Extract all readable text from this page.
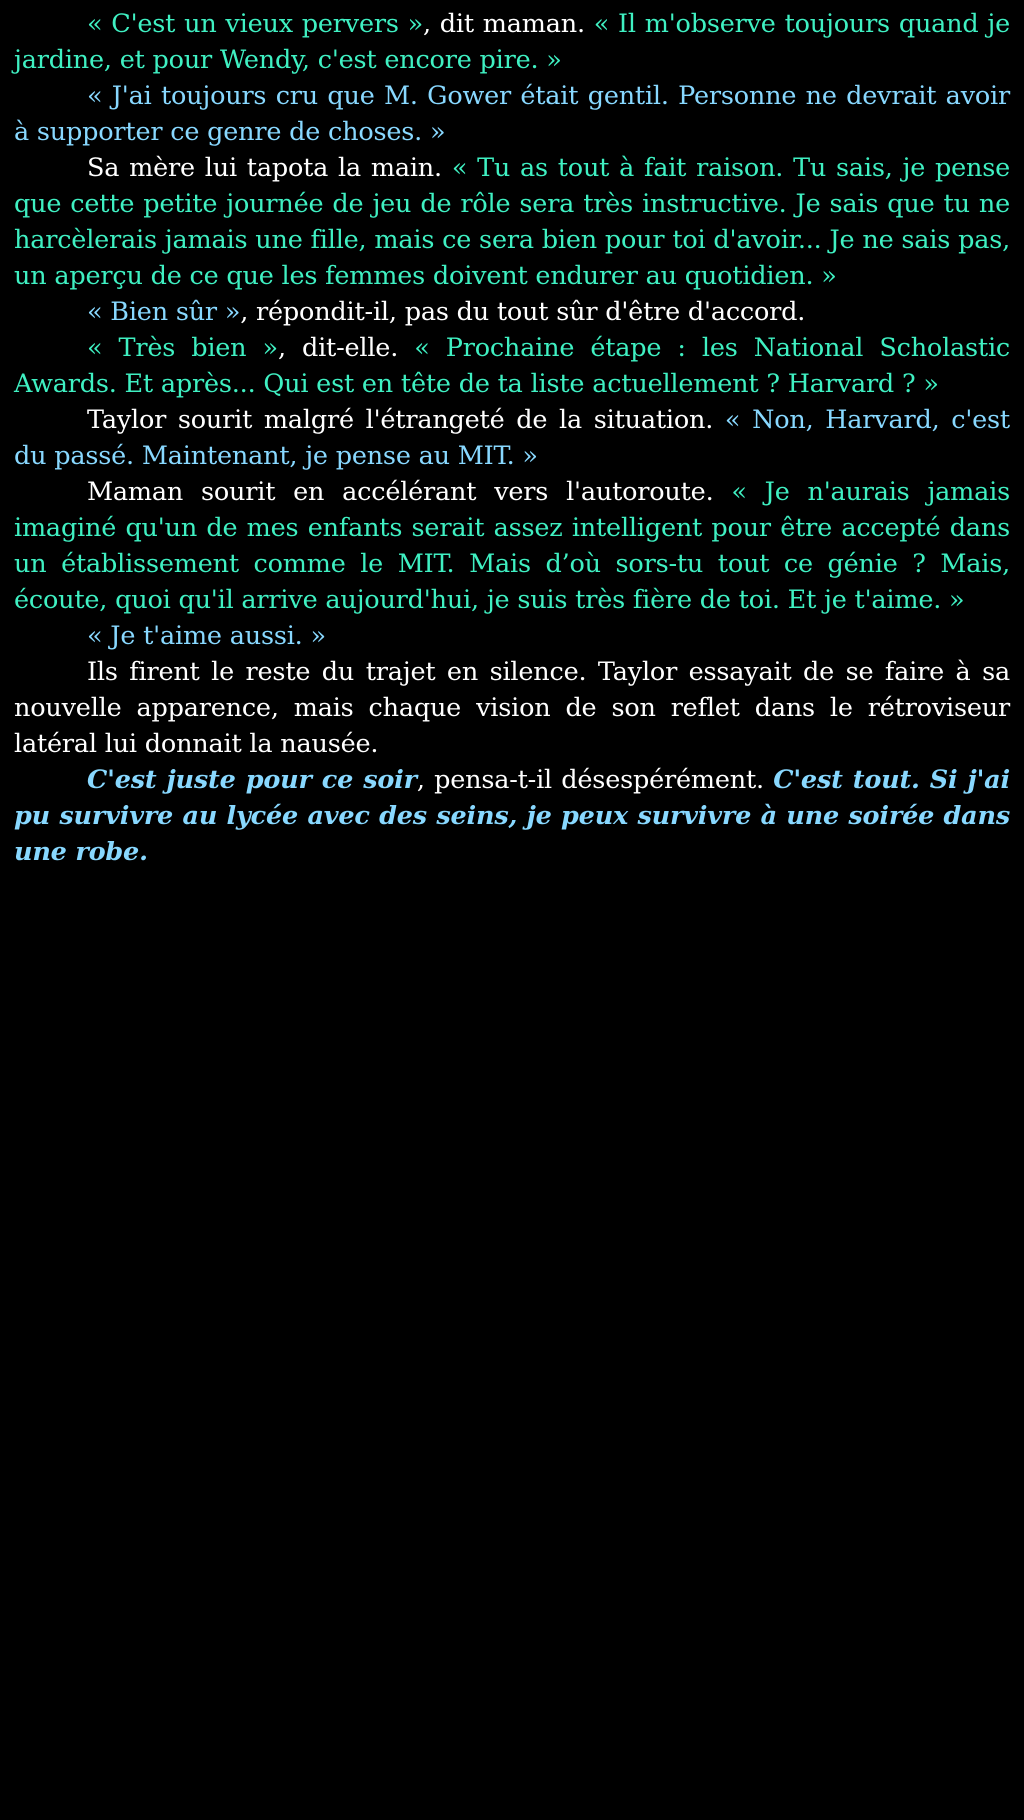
« C'est un vieux pervers », dit maman. « Il m'observe toujours quand je jardine, et pour Wendy, c'est encore pire. »

« J'ai toujours cru que M. Gower était gentil. Personne ne devrait avoir à supporter ce genre de choses. »

Sa mère lui tapota la main. « Tu as tout à fait raison. Tu sais, je pense que cette petite journée de jeu de rôle sera très instructive. Je sais que tu ne harcèlerais jamais une fille, mais ce sera bien pour toi d'avoir... Je ne sais pas, un aperçu de ce que les femmes doivent endurer au quotidien. »

« Bien sûr », répondit-il, pas du tout sûr d'être d'accord.

« Très bien », dit-elle. « Prochaine étape : les National Scholastic Awards. Et après... Qui est en tête de ta liste actuellement ? Harvard ? »

Taylor sourit malgré l'étrangeté de la situation. « Non, Harvard, c'est du passé. Maintenant, je pense au MIT. »

Maman sourit en accélérant vers l'autoroute. « Je n'aurais jamais imaginé qu'un de mes enfants serait assez intelligent pour être accepté dans un établissement comme le MIT. Mais d’où sors-tu tout ce génie ? Mais, écoute, quoi qu'il arrive aujourd'hui, je suis très fière de toi. Et je t'aime. »

« Je t'aime aussi. »

Ils firent le reste du trajet en silence. Taylor essayait de se faire à sa nouvelle apparence, mais chaque vision de son reflet dans le rétroviseur latéral lui donnait la nausée.

C'est juste pour ce soir, pensa-t-il désespérément. C'est tout. Si j'ai pu survivre au lycée avec des seins, je peux survivre à une soirée dans une robe.
